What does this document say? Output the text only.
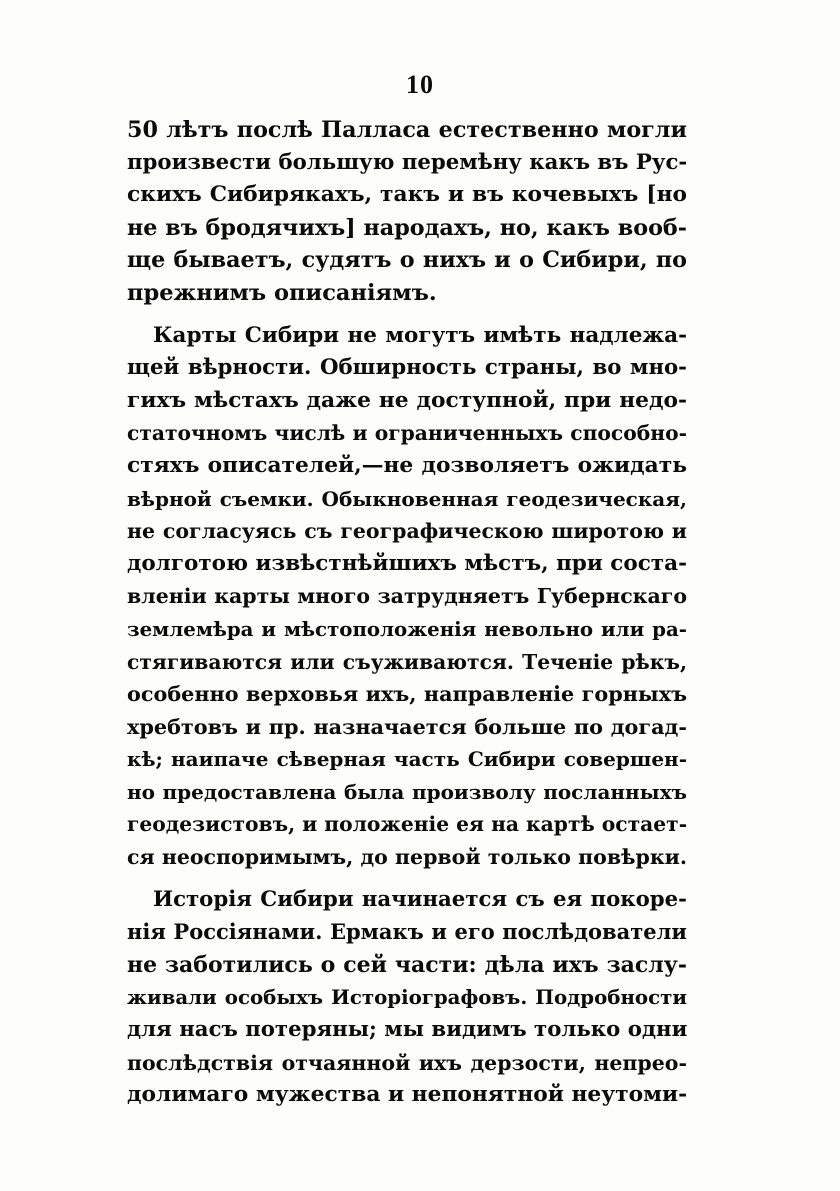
10
50 лѣтъ послѣ Палласа естественно могли
произвести большую перемѣну какъ въ Рус-
скихъ Сибирякахъ, такъ и въ кочевыхъ [но
не въ бродячихъ] народахъ, но, какъ вооб-
ще бываетъ, судятъ о нихъ и о Сибири, по
прежнимъ описаніямъ.
Карты Сибири не могутъ имѣть надлежа-
щей вѣрности. Обширность страны, во мно-
гихъ мѣстахъ даже не доступной, при недо-
статочномъ числѣ и ограниченныхъ способно-
стяхъ описателей,—не дозволяетъ ожидать
вѣрной съемки. Обыкновенная геодезическая,
не согласуясь съ географическою широтою и
долготою извѣстнѣйшихъ мѣстъ, при соста-
вленіи карты много затрудняетъ Губернскаго
землемѣра и мѣстоположенія невольно или ра-
стягиваются или съуживаются. Теченіе рѣкъ,
особенно верховья ихъ, направленіе горныхъ
хребтовъ и пр. назначается больше по догад-
кѣ; наипаче сѣверная часть Сибири совершен-
но предоставлена была произволу посланныхъ
геодезистовъ, и положеніе ея на картѣ остает-
ся неоспоримымъ, до первой только повѣрки.
Исторія Сибири начинается съ ея покоре-
нія Россіянами. Ермакъ и его послѣдователи
не заботились о сей части: дѣла ихъ заслу-
живали особыхъ Исторіографовъ. Подробности
для насъ потеряны; мы видимъ только одни
послѣдствія отчаянной ихъ дерзости, непрео-
долимаго мужества и непонятной неутоми-
